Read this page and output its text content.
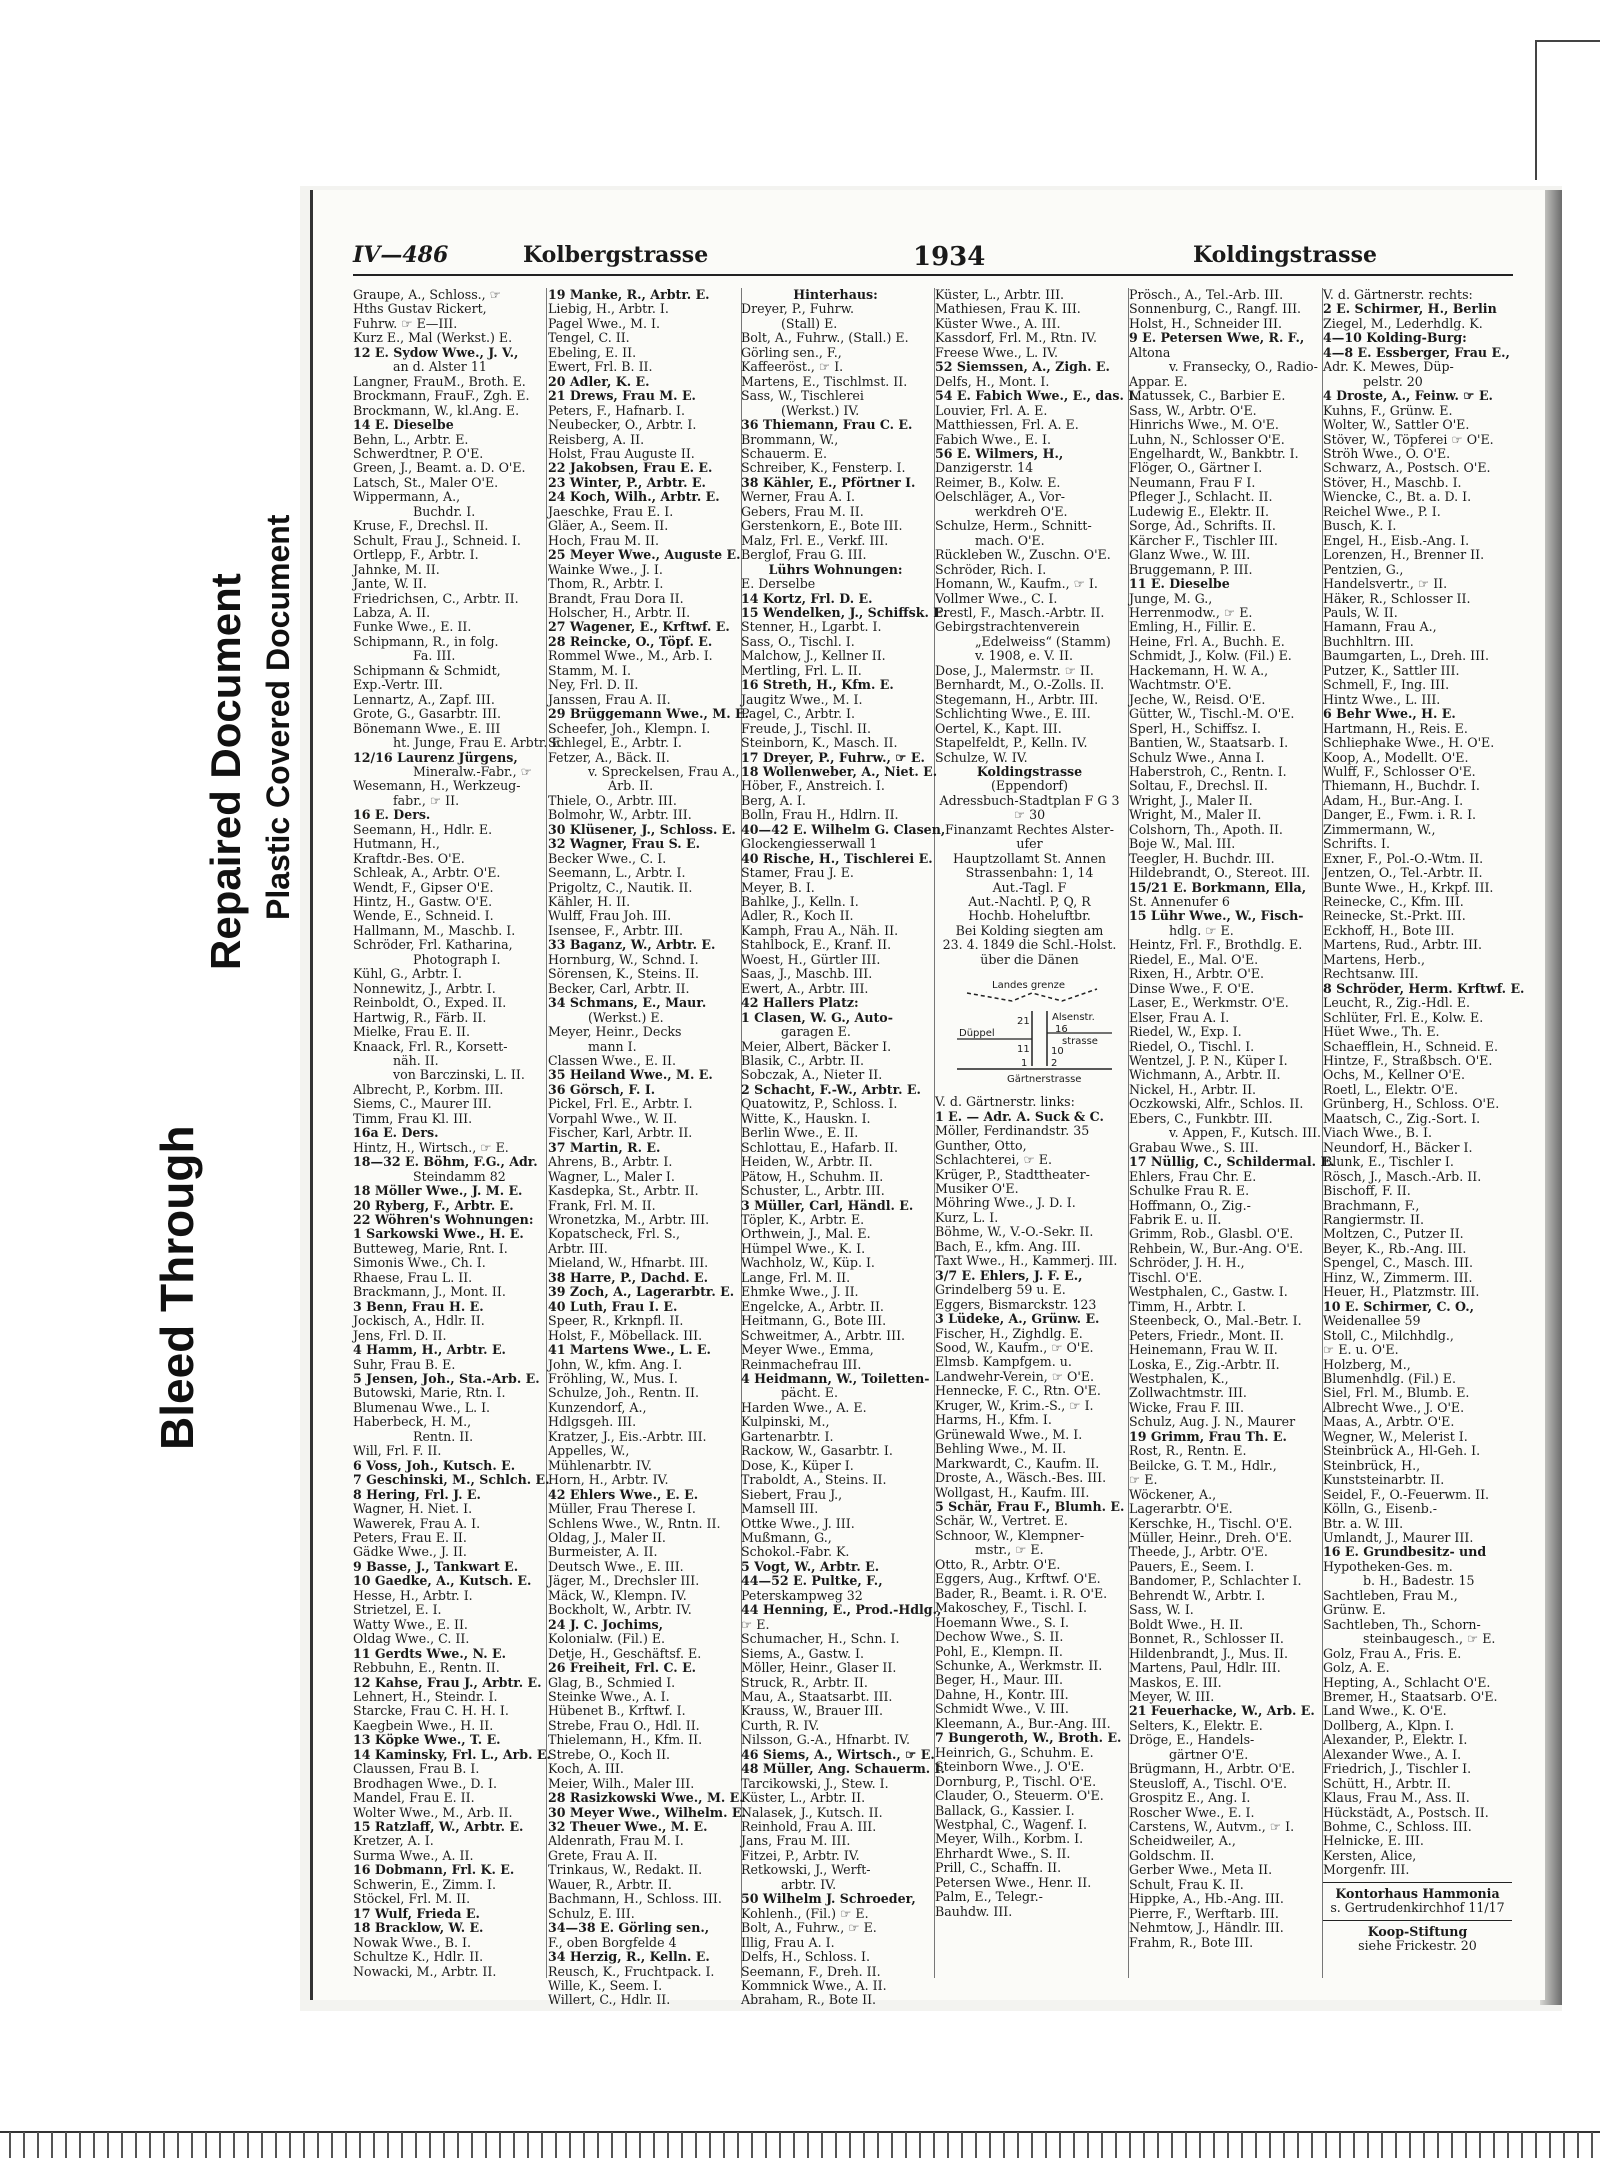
Bleed Through
Repaired Document Plastic Covered Document
IV—486	Kolbergstrasse	1934	Koldingstrasse
Graupe, A., Schloss., ☞
Hths Gustav Rickert,
Fuhrw. ☞ E—III.
Kurz E., Mal (Werkst.) E.
12 E. Sydow Wwe., J. V.,
an d. Alster 11
Langner, FrauM., Broth. E.
Brockmann, FrauF., Zgh. E.
Brockmann, W., kl.Ang. E.
14 E. Dieselbe
Behn, L., Arbtr. E.
Schwerdtner, P. O'E.
Green, J., Beamt. a. D. O'E.
Latsch, St., Maler O'E.
Wippermann, A.,
Buchdr. I.
Kruse, F., Drechsl. II.
Schult, Frau J., Schneid. I.
Ortlepp, F., Arbtr. I.
Jahnke, M. II.
Jante, W. II.
Friedrichsen, C., Arbtr. II.
Labza, A. II.
Funke Wwe., E. II.
Schipmann, R., in folg.
Fa. III.
Schipmann & Schmidt,
Exp.-Vertr. III.
Lennartz, A., Zapf. III.
Grote, G., Gasarbtr. III.
Bönemann Wwe., E. III
ht. Junge, Frau E. Arbtr. E.
12/16 Laurenz Jürgens,
Mineralw.-Fabr., ☞
Wesemann, H., Werkzeug-
fabr., ☞ II.
16 E. Ders.
Seemann, H., Hdlr. E.
Hutmann, H.,
Kraftdr.-Bes. O'E.
Schleak, A., Arbtr. O'E.
Wendt, F., Gipser O'E.
Hintz, H., Gastw. O'E.
Wende, E., Schneid. I.
Hallmann, M., Maschb. I.
Schröder, Frl. Katharina,
Photograph I.
Kühl, G., Arbtr. I.
Nonnewitz, J., Arbtr. I.
Reinboldt, O., Exped. II.
Hartwig, R., Färb. II.
Mielke, Frau E. II.
Knaack, Frl. R., Korsett-
näh. II.
von Barczinski, L. II.
Albrecht, P., Korbm. III.
Siems, C., Maurer III.
Timm, Frau Kl. III.
16a E. Ders.
Hintz, H., Wirtsch., ☞ E.
18—32 E. Böhm, F.G., Adr.
Steindamm 82
18 Möller Wwe., J. M. E.
20 Ryberg, F., Arbtr. E.
22 Wöhren's Wohnungen:
1 Sarkowski Wwe., H. E.
Butteweg, Marie, Rnt. I.
Simonis Wwe., Ch. I.
Rhaese, Frau L. II.
Brackmann, J., Mont. II.
3 Benn, Frau H. E.
Jockisch, A., Hdlr. II.
Jens, Frl. D. II.
4 Hamm, H., Arbtr. E.
Suhr, Frau B. E.
5 Jensen, Joh., Sta.-Arb. E.
Butowski, Marie, Rtn. I.
Blumenau Wwe., L. I.
Haberbeck, H. M.,
Rentn. II.
Will, Frl. F. II.
6 Voss, Joh., Kutsch. E.
7 Geschinski, M., Schlch. E.
8 Hering, Frl. J. E.
Wagner, H. Niet. I.
Wawerek, Frau A. I.
Peters, Frau E. II.
Gädke Wwe., J. II.
9 Basse, J., Tankwart E.
10 Gaedke, A., Kutsch. E.
Hesse, H., Arbtr. I.
Strietzel, E. I.
Watty Wwe., E. II.
Oldag Wwe., C. II.
11 Gerdts Wwe., N. E.
Rebbuhn, E., Rentn. II.
12 Kahse, Frau J., Arbtr. E.
Lehnert, H., Steindr. I.
Starcke, Frau C. H. H. I.
Kaegbein Wwe., H. II.
13 Köpke Wwe., T. E.
14 Kaminsky, Frl. L., Arb. E.
Claussen, Frau B. I.
Brodhagen Wwe., D. I.
Mandel, Frau E. II.
Wolter Wwe., M., Arb. II.
15 Ratzlaff, W., Arbtr. E.
Kretzer, A. I.
Surma Wwe., A. II.
16 Dobmann, Frl. K. E.
Schwerin, E., Zimm. I.
Stöckel, Frl. M. II.
17 Wulf, Frieda E.
18 Bracklow, W. E.
Nowak Wwe., B. I.
Schultze K., Hdlr. II.
Nowacki, M., Arbtr. II.
19 Manke, R., Arbtr. E.
Liebig, H., Arbtr. I.
Pagel Wwe., M. I.
Tengel, C. II.
Ebeling, E. II.
Ewert, Frl. B. II.
20 Adler, K. E.
21 Drews, Frau M. E.
Peters, F., Hafnarb. I.
Neubecker, O., Arbtr. I.
Reisberg, A. II.
Holst, Frau Auguste II.
22 Jakobsen, Frau E. E.
23 Winter, P., Arbtr. E.
24 Koch, Wilh., Arbtr. E.
Jaeschke, Frau E. I.
Gläer, A., Seem. II.
Hoch, Frau M. II.
25 Meyer Wwe., Auguste E.
Wainke Wwe., J. I.
Thom, R., Arbtr. I.
Brandt, Frau Dora II.
Holscher, H., Arbtr. II.
27 Wagener, E., Krftwf. E.
28 Reincke, O., Töpf. E.
Rommel Wwe., M., Arb. I.
Stamm, M. I.
Ney, Frl. D. II.
Janssen, Frau A. II.
29 Brüggemann Wwe., M. E.
Scheefer, Joh., Klempn. I.
Schlegel, E., Arbtr. I.
Fetzer, A., Bäck. II.
v. Spreckelsen, Frau A.,
Arb. II.
Thiele, O., Arbtr. III.
Bolmohr, W., Arbtr. III.
30 Klüsener, J., Schloss. E.
32 Wagner, Frau S. E.
Becker Wwe., C. I.
Seemann, L., Arbtr. I.
Prigoltz, C., Nautik. II.
Kähler, H. II.
Wulff, Frau Joh. III.
Isensee, F., Arbtr. III.
33 Baganz, W., Arbtr. E.
Hornburg, W., Schnd. I.
Sörensen, K., Steins. II.
Becker, Carl, Arbtr. II.
34 Schmans, E., Maur.
(Werkst.) E.
Meyer, Heinr., Decks
mann I.
Classen Wwe., E. II.
35 Heiland Wwe., M. E.
36 Görsch, F. I.
Pickel, Frl. E., Arbtr. I.
Vorpahl Wwe., W. II.
Fischer, Karl, Arbtr. II.
37 Martin, R. E.
Ahrens, B., Arbtr. I.
Wagner, L., Maler I.
Kasdepka, St., Arbtr. II.
Frank, Frl. M. II.
Wronetzka, M., Arbtr. III.
Kopatscheck, Frl. S.,
Arbtr. III.
Mieland, W., Hfnarbt. III.
38 Harre, P., Dachd. E.
39 Zoch, A., Lagerarbtr. E.
40 Luth, Frau I. E.
Speer, R., Krknpfl. II.
Holst, F., Möbellack. III.
41 Martens Wwe., L. E.
John, W., kfm. Ang. I.
Fröhling, W., Mus. I.
Schulze, Joh., Rentn. II.
Kunzendorf, A.,
Hdlgsgeh. III.
Kratzer, J., Eis.-Arbtr. III.
Appelles, W.,
Mühlenarbtr. IV.
Horn, H., Arbtr. IV.
42 Ehlers Wwe., E. E.
Müller, Frau Therese I.
Schlens Wwe., W., Rntn. II.
Oldag, J., Maler II.
Burmeister, A. II.
Deutsch Wwe., E. III.
Jäger, M., Drechsler III.
Mäck, W., Klempn. IV.
Bockholt, W., Arbtr. IV.
24 J. C. Jochims,
Kolonialw. (Fil.) E.
Detje, H., Geschäftsf. E.
26 Freiheit, Frl. C. E.
Glag, B., Schmied I.
Steinke Wwe., A. I.
Hübenet B., Krftwf. I.
Strebe, Frau O., Hdl. II.
Thielemann, H., Kfm. II.
Strebe, O., Koch II.
Koch, A. III.
Meier, Wilh., Maler III.
28 Rasizkowski Wwe., M. E.
30 Meyer Wwe., Wilhelm. E.
32 Theuer Wwe., M. E.
Aldenrath, Frau M. I.
Grete, Frau A. II.
Trinkaus, W., Redakt. II.
Wauer, R., Arbtr. II.
Bachmann, H., Schloss. III.
Schulz, E. III.
34—38 E. Görling sen.,
F., oben Borgfelde 4
34 Herzig, R., Kelln. E.
Reusch, K., Fruchtpack. I.
Wille, K., Seem. I.
Willert, C., Hdlr. II.
Hinterhaus:
Dreyer, P., Fuhrw.
(Stall) E.
Bolt, A., Fuhrw., (Stall.) E.
Görling sen., F.,
Kaffeeröst., ☞ I.
Martens, E., Tischlmst. II.
Sass, W., Tischlerei
(Werkst.) IV.
36 Thiemann, Frau C. E.
Brommann, W.,
Schauerm. E.
Schreiber, K., Fensterp. I.
38 Kähler, E., Pförtner I.
Werner, Frau A. I.
Gebers, Frau M. II.
Gerstenkorn, E., Bote III.
Malz, Frl. E., Verkf. III.
Berglof, Frau G. III.
Lührs Wohnungen:
E. Derselbe
14 Kortz, Frl. D. E.
15 Wendelken, J., Schiffsk. E.
Stenner, H., Lgarbt. I.
Sass, O., Tischl. I.
Malchow, J., Kellner II.
Mertling, Frl. L. II.
16 Streth, H., Kfm. E.
Jaugitz Wwe., M. I.
Pagel, C., Arbtr. I.
Freude, J., Tischl. II.
Steinborn, K., Masch. II.
17 Dreyer, P., Fuhrw., ☞ E.
18 Wollenweber, A., Niet. E.
Höber, F., Anstreich. I.
Berg, A. I.
Bolln, Frau H., Hdlrn. II.
40—42 E. Wilhelm G. Clasen,
Glockengiesserwall 1
40 Rische, H., Tischlerei E.
Stamer, Frau J. E.
Meyer, B. I.
Bahlke, J., Kelln. I.
Adler, R., Koch II.
Kamph, Frau A., Näh. II.
Stahlbock, E., Kranf. II.
Woest, H., Gürtler III.
Saas, J., Maschb. III.
Ewert, A., Arbtr. III.
42 Hallers Platz:
1 Clasen, W. G., Auto-
garagen E.
Meier, Albert, Bäcker I.
Blasik, C., Arbtr. II.
Sobczak, A., Nieter II.
2 Schacht, F.-W., Arbtr. E.
Quatowitz, P., Schloss. I.
Witte, K., Hauskn. I.
Berlin Wwe., E. II.
Schlottau, E., Hafarb. II.
Heiden, W., Arbtr. II.
Pätow, H., Schuhm. II.
Schuster, L., Arbtr. III.
3 Müller, Carl, Händl. E.
Töpler, K., Arbtr. E.
Orthwein, J., Mal. E.
Hümpel Wwe., K. I.
Wachholz, W., Küp. I.
Lange, Frl. M. II.
Ehmke Wwe., J. II.
Engelcke, A., Arbtr. II.
Heitmann, G., Bote III.
Schweitmer, A., Arbtr. III.
Meyer Wwe., Emma,
Reinmachefrau III.
4 Heidmann, W., Toiletten-
pächt. E.
Harden Wwe., A. E.
Kulpinski, M.,
Gartenarbtr. I.
Rackow, W., Gasarbtr. I.
Dose, K., Küper I.
Traboldt, A., Steins. II.
Siebert, Frau J.,
Mamsell III.
Ottke Wwe., J. III.
Mußmann, G.,
Schokol.-Fabr. K.
5 Vogt, W., Arbtr. E.
44—52 E. Pultke, F.,
Peterskampweg 32
44 Henning, E., Prod.-Hdlg.,
☞ E.
Schumacher, H., Schn. I.
Siems, A., Gastw. I.
Möller, Heinr., Glaser II.
Struck, R., Arbtr. II.
Mau, A., Staatsarbt. III.
Krauss, W., Brauer III.
Curth, R. IV.
Nilsson, G.-A., Hfnarbt. IV.
46 Siems, A., Wirtsch., ☞ E.
48 Müller, Ang. Schauerm. I.
Tarcikowski, J., Stew. I.
Küster, L., Arbtr. II.
Nalasek, J., Kutsch. II.
Reinhold, Frau A. III.
Jans, Frau M. III.
Fitzei, P., Arbtr. IV.
Retkowski, J., Werft-
arbtr. IV.
50 Wilhelm J. Schroeder,
Kohlenh., (Fil.) ☞ E.
Bolt, A., Fuhrw., ☞ E.
Illig, Frau A. I.
Delfs, H., Schloss. I.
Seemann, F., Dreh. II.
Kommnick Wwe., A. II.
Abraham, R., Bote II.
Küster, L., Arbtr. III.
Mathiesen, Frau K. III.
Küster Wwe., A. III.
Kassdorf, Frl. M., Rtn. IV.
Freese Wwe., L. IV.
52 Siemssen, A., Zigh. E.
Delfs, H., Mont. I.
54 E. Fabich Wwe., E., das. I.
Louvier, Frl. A. E.
Matthiessen, Frl. A. E.
Fabich Wwe., E. I.
56 E. Wilmers, H.,
Danzigerstr. 14
Reimer, B., Kolw. E.
Oelschläger, A., Vor-
werkdreh O'E.
Schulze, Herm., Schnitt-
mach. O'E.
Rückleben W., Zuschn. O'E.
Schröder, Rich. I.
Homann, W., Kaufm., ☞ I.
Vollmer Wwe., C. I.
Prestl, F., Masch.-Arbtr. II.
Gebirgstrachtenverein
„Edelweiss“ (Stamm)
v. 1908, e. V. II.
Dose, J., Malermstr. ☞ II.
Bernhardt, M., O.-Zolls. II.
Stegemann, H., Arbtr. III.
Schlichting Wwe., E. III.
Oertel, K., Kapt. III.
Stapelfeldt, P., Kelln. IV.
Schulze, W. IV.
Koldingstrasse
(Eppendorf)
Adressbuch-Stadtplan F G 3
☞ 30
Finanzamt Rechtes Alster-
ufer
Hauptzollamt St. Annen
Strassenbahn: 1, 14
Aut.-Tagl. F
Aut.-Nachtl. P, Q, R
Hochb. Hoheluftbr.
Bei Kolding siegten am
23. 4. 1849 die Schl.-Holst.
über die Dänen
Landes grenze
21 Alsenstr.
16
Düppel
11
1
strasse
10
2
Gärtnerstrasse
V. d. Gärtnerstr. links:
1 E. — Adr. A. Suck & C.
Möller, Ferdinandstr. 35
Gunther, Otto,
Schlachterei, ☞ E.
Krüger, P., Stadttheater-
Musiker O'E.
Möhring Wwe., J. D. I.
Kurz, L. I.
Böhme, W., V.-O.-Sekr. II.
Bach, E., kfm. Ang. III.
Taxt Wwe., H., Kammerj. III.
3/7 E. Ehlers, J. F. E.,
Grindelberg 59 u. E.
Eggers, Bismarckstr. 123
3 Lüdeke, A., Grünw. E.
Fischer, H., Zighdlg. E.
Sood, W., Kaufm., ☞ O'E.
Elmsb. Kampfgem. u.
Landwehr-Verein, ☞ O'E.
Hennecke, F. C., Rtn. O'E.
Kruger, W., Krim.-S., ☞ I.
Harms, H., Kfm. I.
Grünewald Wwe., M. I.
Behling Wwe., M. II.
Markwardt, C., Kaufm. II.
Droste, A., Wäsch.-Bes. III.
Wollgast, H., Kaufm. III.
5 Schär, Frau F., Blumh. E.
Schär, W., Vertret. E.
Schnoor, W., Klempner-
mstr., ☞ E.
Otto, R., Arbtr. O'E.
Eggers, Aug., Krftwf. O'E.
Bader, R., Beamt. i. R. O'E.
Makoschey, F., Tischl. I.
Hoemann Wwe., S. I.
Dechow Wwe., S. II.
Pohl, E., Klempn. II.
Schunke, A., Werkmstr. II.
Beger, H., Maur. III.
Dahne, H., Kontr. III.
Schmidt Wwe., V. III.
Kleemann, A., Bur.-Ang. III.
7 Bungeroth, W., Broth. E.
Heinrich, G., Schuhm. E.
Steinborn Wwe., J. O'E.
Dornburg, P., Tischl. O'E.
Clauder, O., Steuerm. O'E.
Ballack, G., Kassier. I.
Westphal, C., Wagenf. I.
Meyer, Wilh., Korbm. I.
Ehrhardt Wwe., S. II.
Prill, C., Schaffn. II.
Petersen Wwe., Henr. II.
Palm, E., Telegr.-
Bauhdw. III.
Prösch., A., Tel.-Arb. III.
Sonnenburg, C., Rangf. III.
Holst, H., Schneider III.
9 E. Petersen Wwe, R. F.,
Altona
v. Fransecky, O., Radio-
Appar. E.
Matussek, C., Barbier E.
Sass, W., Arbtr. O'E.
Hinrichs Wwe., M. O'E.
Luhn, N., Schlosser O'E.
Engelhardt, W., Bankbtr. I.
Flöger, O., Gärtner I.
Neumann, Frau F I.
Pfleger J., Schlacht. II.
Ludewig E., Elektr. II.
Sorge, Ad., Schrifts. II.
Kärcher F., Tischler III.
Glanz Wwe., W. III.
Bruggemann, P. III.
11 E. Dieselbe
Junge, M. G.,
Herrenmodw., ☞ E.
Emling, H., Fillir. E.
Heine, Frl. A., Buchh. E.
Schmidt, J., Kolw. (Fil.) E.
Hackemann, H. W. A.,
Wachtmstr. O'E.
Jeche, W., Reisd. O'E.
Gütter, W., Tischl.-M. O'E.
Sperl, H., Schiffsz. I.
Bantien, W., Staatsarb. I.
Schulz Wwe., Anna I.
Haberstroh, C., Rentn. I.
Soltau, F., Drechsl. II.
Wright, J., Maler II.
Wright, M., Maler II.
Colshorn, Th., Apoth. II.
Boje W., Mal. III.
Teegler, H. Buchdr. III.
Hildebrandt, O., Stereot. III.
15/21 E. Borkmann, Ella,
St. Annenufer 6
15 Lühr Wwe., W., Fisch-
hdlg. ☞ E.
Heintz, Frl. F., Brothdlg. E.
Riedel, E., Mal. O'E.
Rixen, H., Arbtr. O'E.
Dinse Wwe., F. O'E.
Laser, E., Werkmstr. O'E.
Elser, Frau A. I.
Riedel, W., Exp. I.
Riedel, O., Tischl. I.
Wentzel, J. P. N., Küper I.
Wichmann, A., Arbtr. II.
Nickel, H., Arbtr. II.
Oczkowski, Alfr., Schlos. II.
Ebers, C., Funkbtr. III.
v. Appen, F., Kutsch. III.
Grabau Wwe., S. III.
17 Nüllig, C., Schildermal. E.
Ehlers, Frau Chr. E.
Schulke Frau R. E.
Hoffmann, O., Zig.-
Fabrik E. u. II.
Grimm, Rob., Glasbl. O'E.
Rehbein, W., Bur.-Ang. O'E.
Schröder, J. H. H.,
Tischl. O'E.
Westphalen, C., Gastw. I.
Timm, H., Arbtr. I.
Steenbeck, O., Mal.-Betr. I.
Peters, Friedr., Mont. II.
Heinemann, Frau W. II.
Loska, E., Zig.-Arbtr. II.
Westphalen, K.,
Zollwachtmstr. III.
Wicke, Frau F. III.
Schulz, Aug. J. N., Maurer
19 Grimm, Frau Th. E.
Rost, R., Rentn. E.
Beilcke, G. T. M., Hdlr.,
☞ E.
Wöckener, A.,
Lagerarbtr. O'E.
Kerschke, H., Tischl. O'E.
Müller, Heinr., Dreh. O'E.
Theede, J., Arbtr. O'E.
Pauers, E., Seem. I.
Bandomer, P., Schlachter I.
Behrendt W., Arbtr. I.
Sass, W. I.
Boldt Wwe., H. II.
Bonnet, R., Schlosser II.
Hildenbrandt, J., Mus. II.
Martens, Paul, Hdlr. III.
Maskos, E. III.
Meyer, W. III.
21 Feuerhacke, W., Arb. E.
Selters, K., Elektr. E.
Dröge, E., Handels-
gärtner O'E.
Brügmann, H., Arbtr. O'E.
Steusloff, A., Tischl. O'E.
Grospitz E., Ang. I.
Roscher Wwe., E. I.
Carstens, W., Autvm., ☞ I.
Scheidweiler, A.,
Goldschm. II.
Gerber Wwe., Meta II.
Schult, Frau K. II.
Hippke, A., Hb.-Ang. III.
Pierre, F., Werftarb. III.
Nehmtow, J., Händlr. III.
Frahm, R., Bote III.
V. d. Gärtnerstr. rechts:
2 E. Schirmer, H., Berlin
Ziegel, M., Lederhdlg. K.
4—10 Kolding-Burg:
4—8 E. Essberger, Frau E.,
Adr. K. Mewes, Düp-
pelstr. 20
4 Droste, A., Feinw. ☞ E.
Kuhns, F., Grünw. E.
Wolter, W., Sattler O'E.
Stöver, W., Töpferei ☞ O'E.
Ströh Wwe., O. O'E.
Schwarz, A., Postsch. O'E.
Stöver, H., Maschb. I.
Wiencke, C., Bt. a. D. I.
Reichel Wwe., P. I.
Busch, K. I.
Engel, H., Eisb.-Ang. I.
Lorenzen, H., Brenner II.
Pentzien, G.,
Handelsvertr., ☞ II.
Häker, R., Schlosser II.
Pauls, W. II.
Hamann, Frau A.,
Buchhltrn. III.
Baumgarten, L., Dreh. III.
Putzer, K., Sattler III.
Schmell, F., Ing. III.
Hintz Wwe., L. III.
6 Behr Wwe., H. E.
Hartmann, H., Reis. E.
Schliephake Wwe., H. O'E.
Koop, A., Modellt. O'E.
Wulff, F., Schlosser O'E.
Thiemann, H., Buchdr. I.
Adam, H., Bur.-Ang. I.
Danger, E., Fwm. i. R. I.
Zimmermann, W.,
Schrifts. I.
Exner, F., Pol.-O.-Wtm. II.
Jentzen, O., Tel.-Arbtr. II.
Bunte Wwe., H., Krkpf. III.
Reinecke, C., Kfm. III.
Reinecke, St.-Prkt. III.
Eckhoff, H., Bote III.
Martens, Rud., Arbtr. III.
Martens, Herb.,
Rechtsanw. III.
8 Schröder, Herm. Krftwf. E.
Leucht, R., Zig.-Hdl. E.
Schlüter, Frl. E., Kolw. E.
Hüet Wwe., Th. E.
Schaefflein, H., Schneid. E.
Hintze, F., Straßbsch. O'E.
Ochs, M., Kellner O'E.
Roetl, L., Elektr. O'E.
Grünberg, H., Schloss. O'E.
Maatsch, C., Zig.-Sort. I.
Viach Wwe., B. I.
Neundorf, H., Bäcker I.
Blunk, E., Tischler I.
Rösch, J., Masch.-Arb. II.
Bischoff, F. II.
Brachmann, F.,
Rangiermstr. II.
Moltzen, C., Putzer II.
Beyer, K., Rb.-Ang. III.
Spengel, C., Masch. III.
Hinz, W., Zimmerm. III.
Heuer, H., Platzmstr. III.
10 E. Schirmer, C. O.,
Weidenallee 59
Stoll, C., Milchhdlg.,
☞ E. u. O'E.
Holzberg, M.,
Blumenhdlg. (Fil.) E.
Siel, Frl. M., Blumb. E.
Albrecht Wwe., J. O'E.
Maas, A., Arbtr. O'E.
Wegner, W., Melerist I.
Steinbrück A., Hl-Geh. I.
Steinbrück, H.,
Kunststeinarbtr. II.
Seidel, F., O.-Feuerwm. II.
Kölln, G., Eisenb.-
Btr. a. W. III.
Umlandt, J., Maurer III.
16 E. Grundbesitz- und
Hypotheken-Ges. m.
b. H., Badestr. 15
Sachtleben, Frau M.,
Grünw. E.
Sachtleben, Th., Schorn-
steinbaugesch., ☞ E.
Golz, Frau A., Fris. E.
Golz, A. E.
Hepting, A., Schlacht O'E.
Bremer, H., Staatsarb. O'E.
Land Wwe., K. O'E.
Dollberg, A., Klpn. I.
Alexander, P., Elektr. I.
Alexander Wwe., A. I.
Friedrich, J., Tischler I.
Schütt, H., Arbtr. II.
Klaus, Frau M., Ass. II.
Hückstädt, A., Postsch. II.
Bohme, C., Schloss. III.
Helnicke, E. III.
Kersten, Alice,
Morgenfr. III.
Kontorhaus Hammonia
s. Gertrudenkirchhof 11/17
Koop-Stiftung
siehe Frickestr. 20
